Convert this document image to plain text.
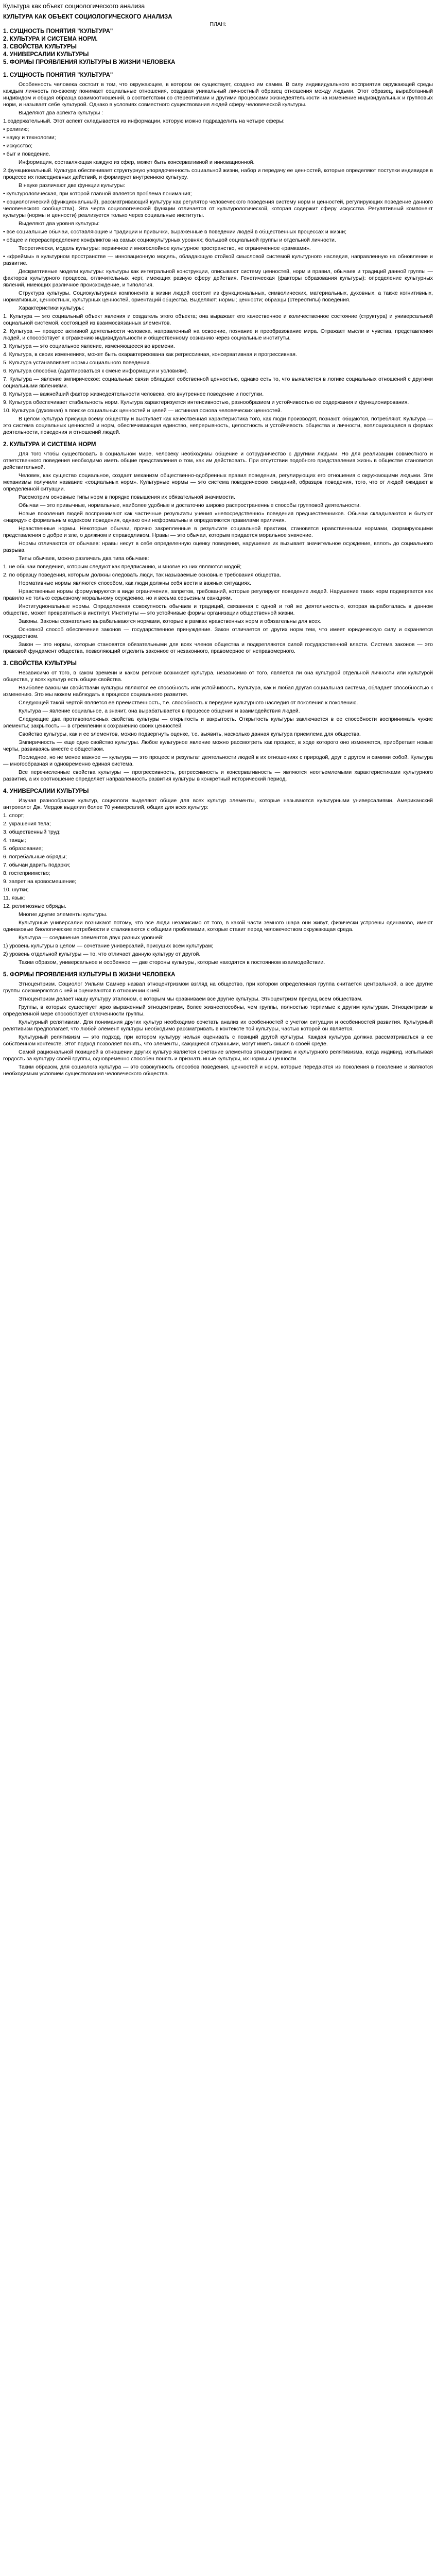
Культура как объект социологического анализа
КУЛЬТУРА КАК ОБЪЕКТ СОЦИОЛОГИЧЕСКОГО АНАЛИЗА
ПЛАН:
1. СУЩНОСТЬ ПОНЯТИЯ "КУЛЬТУРА"
2. КУЛЬТУРА И СИСТЕМА НОРМ.
3. СВОЙСТВА КУЛЬТУРЫ
4. УНИВЕРСАЛИИ КУЛЬТУРЫ
5. ФОРМЫ ПРОЯВЛЕНИЯ КУЛЬТУРЫ В ЖИЗНИ ЧЕЛОВЕКА
1. СУЩНОСТЬ ПОНЯТИЯ "КУЛЬТУРА"
Особенность человека состоит в том, что окружающее, в котором он существует, создано им самим. В силу индивидуального восприятия окружающей среды каждым личность по-своему понимает социальные отношения, создавая уникальный личностный образец отношения между людьми. Этот образец, выработанный индивидом и общая образца взаимоотношений, в соответствии со стереотипами и другими процессами жизнедеятельности на изменение индивидуальных и групповых норм, и называет себе культурой. Однако в условиях совместного существования людей сферу человеческой культуры.
Выделяют два аспекта культуры :
1.содержательный. Этот аспект складывается из информации, которую можно подразделить на четыре сферы:
• религию;
• науку и технологии;
• искусство;
• быт и поведение.
Информация, составляющая каждую из сфер, может быть консервативной и инновационной.
2.функциональный. Культура обеспечивает структурную упорядоченность социальной жизни, набор и передачу ее ценностей, которые определяют поступки индивидов в процессе их повседневных действий, и формирует внутреннюю культуру.
В науке различают две функции культуры:
• культурологическая, при которой главной является проблема понимания;
• социологический (функциональный), рассматривающий культуру как регулятор человеческого поведения систему норм и ценностей, регулирующих поведение данного человеческого сообщества). Эта черта социологической функции отличается от культурологической, которая содержит сферу искусства. Регулятивный компонент культуры (нормы и ценности) реализуется только через социальные институты.
Выделяют два уровня культуры:
• все социальные обычаи, составляющие и традиции и привычки, выраженные в поведении людей в общественных процессах и жизни;
• общее и перераспределение конфликтов на самых социокультурных уровнях; большой социальной группы и отдельной личности.
Теоретически, модель культуры: первичное и многослойное культурное пространство, не ограниченное «рамками».
• «фреймы» в культурном пространстве — инновационную модель, обладающую стойкой смысловой системой культурного наследия, направленную на обновление и развитие.
Дескриптивные модели культуры: культуры как интегральной конструкции, описывают систему ценностей, норм и правил, обычаев и традиций данной группы — факторов культурного процесса, отличительных черт, имеющих разную сферу действия. Генетическая (факторы образования культуры): определение культурных явлений, имеющих различное происхождение, и типология.
Структура культуры. Социокультурная компонента в жизни людей состоит из функциональных, символических, материальных, духовных, а также когнитивных, нормативных, ценностных, культурных ценностей, ориентаций общества. Выделяют: нормы; ценности; образцы (стереотипы) поведения.
Характеристики культуры:
1. Культура — это социальный объект явления и создатель этого объекта; она выражает его качественное и количественное состояние (структура) и универсальной социальной системой, состоящей из взаимосвязанных элементов.
2. Культура — процесс активной деятельности человека, направленный на освоение, познание и преобразование мира. Отражает мысли и чувства, представления людей, и способствует к отражению индивидуальности и общественному сознанию через социальные институты.
3. Культура — это социальное явление, изменяющееся во времени.
4. Культура, в своих изменениях, может быть охарактеризована как регрессивная, консервативная и прогрессивная.
5. Культура устанавливает нормы социального поведения.
6. Культура способна (адаптироваться к смене информации и условиям).
7. Культура — явление эмпирическое: социальные связи обладают собственной ценностью, однако есть то, что выявляется в логике социальных отношений с другими социальными явлениями.
8. Культура — важнейший фактор жизнедеятельности человека, его внутреннее поведение и поступки.
9. Культура обеспечивает стабильность норм. Культура характеризуется интенсивностью, разнообразием и устойчивостью ее содержания и функционирования.
10. Культура (духовная) в поиске социальных ценностей и целей — истинная основа человеческих ценностей.
В целом культура присуща всему обществу и выступает как качественная характеристика того, как люди производят, познают, общаются, потребляют. Культура — это система социальных ценностей и норм, обеспечивающая единство, непрерывность, целостность и устойчивость общества и личности, воплощающаяся в формах деятельности, поведения и отношений людей.
2. КУЛЬТУРА И СИСТЕМА НОРМ
Для того чтобы существовать в социальном мире, человеку необходимы общение и сотрудничество с другими людьми. Но для реализации совместного и ответственного поведения необходимо иметь общие представления о том, как им действовать. При отсутствии подобного представления жизнь в обществе становится действительной.
Человек, как существо социальное, создает механизм общественно-одобренных правил поведения, регулирующих его отношения с окружающими людьми. Эти механизмы получили название «социальных норм». Культурные нормы — это система поведенческих ожиданий, образцов поведения, того, что от людей ожидают в определенной ситуации.
Рассмотрим основные типы норм в порядке повышения их обязательной значимости.
Обычаи — это привычные, нормальные, наиболее удобные и достаточно широко распространенные способы групповой деятельности.
Новые поколения людей воспринимают как частичные результаты учения «непосредственно» поведения предшественников. Обычаи складываются и бытуют «наряду» с формальным кодексом поведения, однако они неформальны и определяются правилами приличия.
Нравственные нормы. Некоторые обычаи, прочно закрепленные в результате социальной практики, становятся нравственными нормами, формирующими представления о добре и зле, о должном и справедливом. Нравы — это обычаи, которым придается моральное значение.
Нормы отличаются от обычаев: нравы несут в себе определенную оценку поведения, нарушение их вызывает значительное осуждение, вплоть до социального разрыва.
Типы обычаев, можно различать два типа обычаев:
1. не обычаи поведения, которым следуют как предписанию, и многие из них являются модой;
2. по образцу поведения, которым должны следовать люди, так называемые основные требования общества.
Нормативные нормы являются способом, как люди должны себя вести в важных ситуациях.
Нравственные нормы формулируются в виде ограничения, запретов, требований, которые регулируют поведение людей. Нарушение таких норм подвергается как правило не только серьезному моральному осуждению, но и весьма серьезным санкциям.
Институциональные нормы. Определенная совокупность обычаев и традиций, связанная с одной и той же деятельностью, которая выработалась в данном обществе, может превратиться в институт. Институты — это устойчивые формы организации общественной жизни.
Законы. Законы сознательно вырабатываются нормами, которые в рамках нравственных норм и обязательны для всех.
Основной способ обеспечения законов — государственное принуждение. Закон отличается от других норм тем, что имеет юридическую силу и охраняется государством.
Закон — это нормы, которые становятся обязательными для всех членов общества и подкрепляются силой государственной власти. Система законов — это правовой фундамент общества, позволяющий отделить законное от незаконного, правомерное от неправомерного.
3. СВОЙСТВА КУЛЬТУРЫ
Независимо от того, в каком времени и каком регионе возникает культура, независимо от того, является ли она культурой отдельной личности или культурой общества, у всех культур есть общие свойства.
Наиболее важными свойствами культуры являются ее способность или устойчивость. Культура, как и любая другая социальная система, обладает способностью к изменению. Это мы можем наблюдать в процессе социального развития.
Следующей такой чертой является ее преемственность, т.е. способность к передаче культурного наследия от поколения к поколению.
Культура — явление социальное, а значит, она вырабатывается в процессе общения и взаимодействия людей.
Следующие два противоположных свойства культуры — открытость и закрытость. Открытость культуры заключается в ее способности воспринимать чужие элементы; закрытость — в стремлении к сохранению своих ценностей.
Свойство культуры, как и ее элементов, можно подвергнуть оценке, т.е. выявить, насколько данная культура приемлема для общества.
Эмпиричность — еще одно свойство культуры. Любое культурное явление можно рассмотреть как процесс, в ходе которого оно изменяется, приобретает новые черты, развиваясь вместе с обществом.
Последнее, но не менее важное — культура — это процесс и результат деятельности людей в их отношениях с природой, друг с другом и самими собой. Культура — многообразная и одновременно единая система.
Все перечисленные свойства культуры — прогрессивность, регрессивность и консервативность — являются неотъемлемыми характеристиками культурного развития, а их соотношение определяет направленность развития культуры в конкретный исторический период.
4. УНИВЕРСАЛИИ КУЛЬТУРЫ
Изучая разнообразие культур, социологи выделяют общие для всех культур элементы, которые называются культурными универсалиями. Американский антрополог Дж. Мердок выделил более 70 универсалий, общих для всех культур:
1. спорт;
2. украшения тела;
3. общественный труд;
4. танцы;
5. образование;
6. погребальные обряды;
7. обычаи дарить подарки;
8. гостеприимство;
9. запрет на кровосмешение;
10. шутки;
11. язык;
12. религиозные обряды.
Многие другие элементы культуры.
Культурные универсалии возникают потому, что все люди независимо от того, в какой части земного шара они живут, физически устроены одинаково, имеют одинаковые биологические потребности и сталкиваются с общими проблемами, которые ставит перед человечеством окружающая среда.
Культура — соединение элементов двух разных уровней:
1) уровень культуры в целом — сочетание универсалий, присущих всем культурам;
2) уровень отдельной культуры — то, что отличает данную культуру от другой.
Таким образом, универсальное и особенное — две стороны культуры, которые находятся в постоянном взаимодействии.
5. ФОРМЫ ПРОЯВЛЕНИЯ КУЛЬТУРЫ В ЖИЗНИ ЧЕЛОВЕКА
Этноцентризм. Социолог Уильям Самнер назвал этноцентризмом взгляд на общество, при котором определенная группа считается центральной, а все другие группы соизмеряются с ней и оцениваются в отношении к ней.
Этноцентризм делает нашу культуру эталоном, с которым мы сравниваем все другие культуры. Этноцентризм присущ всем обществам.
Группы, в которых существует ярко выраженный этноцентризм, более жизнеспособны, чем группы, полностью терпимые к другим культурам. Этноцентризм в определенной мере способствует сплоченности группы.
Культурный релятивизм. Для понимания других культур необходимо сочетать анализ их особенностей с учетом ситуации и особенностей развития. Культурный релятивизм предполагает, что любой элемент культуры необходимо рассматривать в контексте той культуры, частью которой он является.
Культурный релятивизм — это подход, при котором культуру нельзя оценивать с позиций другой культуры. Каждая культура должна рассматриваться в ее собственном контексте. Этот подход позволяет понять, что элементы, кажущиеся странными, могут иметь смысл в своей среде.
Самой рациональной позицией в отношении других культур является сочетание элементов этноцентризма и культурного релятивизма, когда индивид, испытывая гордость за культуру своей группы, одновременно способен понять и признать иные культуры, их нормы и ценности.
Таким образом, для социолога культура — это совокупность способов поведения, ценностей и норм, которые передаются из поколения в поколение и являются необходимым условием существования человеческого общества.
